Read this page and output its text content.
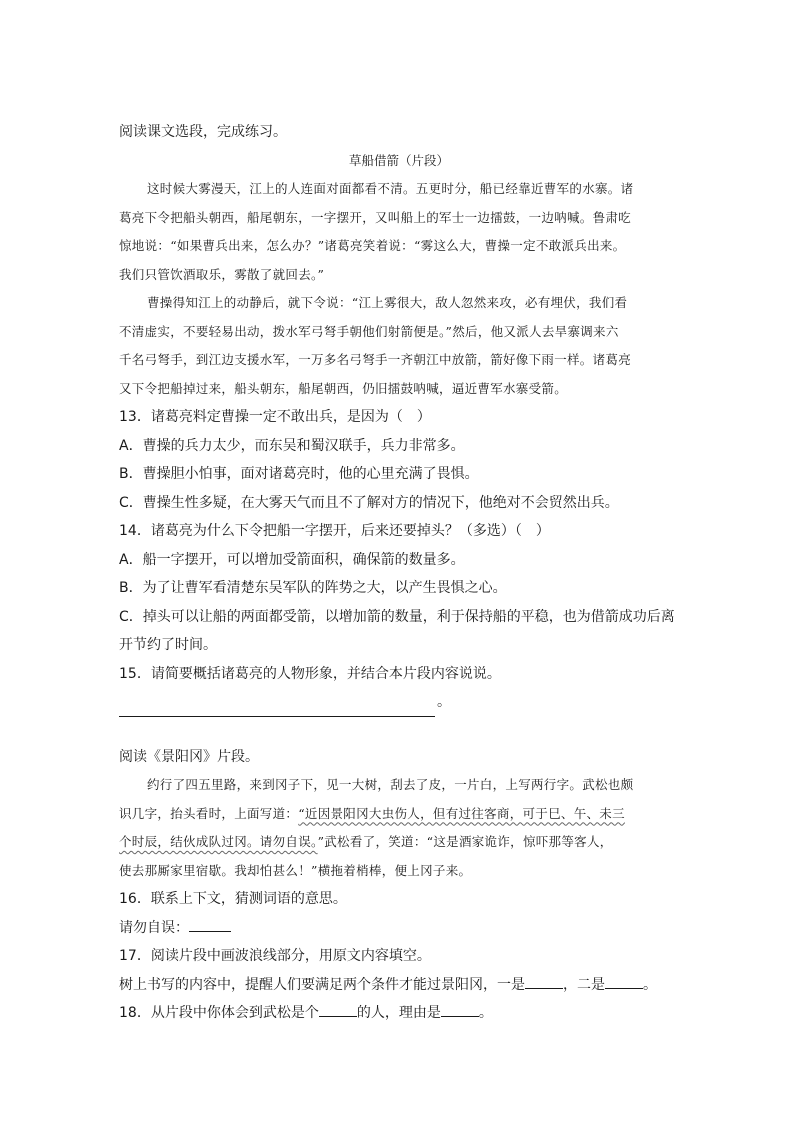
阅读课文选段，完成练习。
草船借箭（片段）
这时候大雾漫天，江上的人连面对面都看不清。五更时分，船已经靠近曹军的水寨。诸
葛亮下令把船头朝西，船尾朝东，一字摆开，又叫船上的军士一边擂鼓，一边呐喊。鲁肃吃
惊地说：“如果曹兵出来，怎么办？”诸葛亮笑着说：“雾这么大，曹操一定不敢派兵出来。
我们只管饮酒取乐，雾散了就回去。”
曹操得知江上的动静后，就下令说：“江上雾很大，敌人忽然来攻，必有埋伏，我们看
不清虚实，不要轻易出动，拨水军弓弩手朝他们射箭便是。”然后，他又派人去旱寨调来六
千名弓弩手，到江边支援水军，一万多名弓弩手一齐朝江中放箭，箭好像下雨一样。诸葛亮
又下令把船掉过来，船头朝东，船尾朝西，仍旧擂鼓呐喊，逼近曹军水寨受箭。
13．诸葛亮料定曹操一定不敢出兵，是因为（　）
A．曹操的兵力太少，而东吴和蜀汉联手，兵力非常多。
B．曹操胆小怕事，面对诸葛亮时，他的心里充满了畏惧。
C．曹操生性多疑，在大雾天气而且不了解对方的情况下，他绝对不会贸然出兵。
14．诸葛亮为什么下令把船一字摆开，后来还要掉头？（多选）（　）
A．船一字摆开，可以增加受箭面积，确保箭的数量多。
B．为了让曹军看清楚东吴军队的阵势之大，以产生畏惧之心。
C．掉头可以让船的两面都受箭，以增加箭的数量，利于保持船的平稳，也为借箭成功后离
开节约了时间。
15．请简要概括诸葛亮的人物形象，并结合本片段内容说说。
。
阅读《景阳冈》片段。
约行了四五里路，来到冈子下，见一大树，刮去了皮，一片白，上写两行字。武松也颇
识几字，抬头看时，上面写道：“近因景阳冈大虫伤人，但有过往客商，可于巳、午、未三
个时辰，结伙成队过冈。请勿自误。”武松看了，笑道：“这是酒家诡诈，惊吓那等客人，
使去那厮家里宿歇。我却怕甚么！”横拖着梢棒，便上冈子来。
16．联系上下文，猜测词语的意思。
请勿自误：
17．阅读片段中画波浪线部分，用原文内容填空。
树上书写的内容中，提醒人们要满足两个条件才能过景阳冈，一是	，二是	。
18．从片段中你体会到武松是个	的人，理由是	。
